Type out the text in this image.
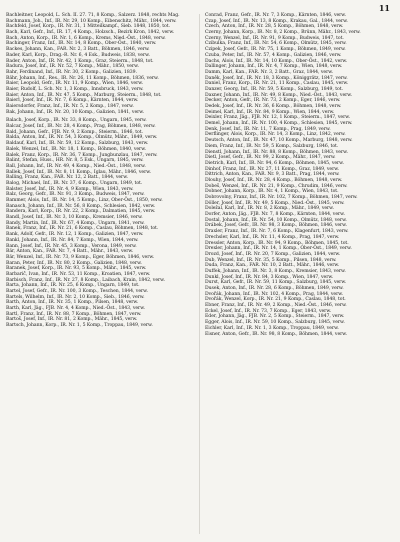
11
Bachleitner, Leopold, L. Sch. II. 27. 71, 8 Komp., Salzerz. 1848, rechts Mag.
Bachmann, Joh., Inf., IR. Nr. 29, 10 Komp., Eibenschitz, Mähr., 1844, verw.
Bachfeld, Josef, Korp., IR. Nr. 31, 1 Mitteilkampf., Sieb. 1848, 1850, tot.
Bach, Karl, Gefr., Inf., IR. 17, 4 Komp., Holzsch., Bezirk Kron, 1842, verw.
Bach, Anton, Korp., IR. Nr. 1, 6 Komp., Krems, Nied.-Öst., 1848, verw.
Bachinger, Franz, Inf., IR. Nr. 14, 8 Komp., Ober-Öst., 1840, verw.
Backes, Johann, Kan., FAR. Nr. 2, 3 Batt., Böhmen, 1846, verw.
Bader, Karl, Korp., Drag.-R. Nr. 6, 4 Esk., Budweis, 1838, verw.
Bader, Anton, Inf., IR. Nr. 42, 1 Komp., Graz, Steierm., 1848, tot.
Badura, Josef, Inf., IR. Nr. 52, 7 Komp., Mähr., 1850, verw.
Bahr, Ferdinand, Inf., IR. Nr. 30, 2 Komp., Galizien, 1839.
Bähr, Johann, Inf., Res., IR. Nr. 26, 11 Komp., Böhmen, 1836, verw.
Baier, Leopold, Gefr., IR. Nr. 11, 9 Komp., Wien, 1846, verw.
Baier, Rudolf, L. Sch. Nr. 1, 3 Komp., Innsbruck, 1843, verw.
Baier, Anton, Inf., IR. Nr. 47, 5 Komp., Marburg, Steierm., 1848, tot.
Baierl, Josef, Inf., IR. Nr. 7, 6 Komp., Kärnten, 1844, verw.
Baiersdorfer, Franz, Inf., IR. Nr. 5, 2 Komp., 1847, verw.
Bak, Johann, Inf., IR. Nr. 20, 10 Komp., Galizien, 1841, verw.
Balach, Josef, Korp., IR. Nr. 33, 8 Komp., Ungarn, 1845, verw.
Balcar, Josef, Inf., IR. Nr. 28, 4 Komp., Prag, Böhmen, 1848, verw.
Bald, Johann, Gefr., FJB. Nr. 9, 2 Komp., Steierm., 1846, tot.
Balda, Anton, Inf., IR. Nr. 54, 3 Komp., Olmütz, Mähr., 1849, verw.
Baldauf, Karl, Inf., IR. Nr. 59, 12 Komp., Salzburg, 1843, verw.
Balek, Wenzel, Inf., IR. Nr. 18, 1 Komp., Böhmen, 1840, verw.
Balek, Franz, Korp., IR. Nr. 36, 7 Komp., Jungbunzlau, 1847, verw.
Balint, Stefan, Huss., HR. Nr. 8, 5 Esk., Ungarn, 1845, verw.
Ball, Johann, Inf., IR. Nr. 49, 4 Komp., Nied.-Öst., 1848, verw.
Ballek, Josef, Inf., IR. Nr. 8, 11 Komp., Iglau, Mähr., 1846, verw.
Balling, Franz, Kan., FAR. Nr. 12, 2 Batt., 1844, verw.
Balog, Michael, Inf., IR. Nr. 37, 6 Komp., Ungarn, 1849, tot.
Balster, Josef, Inf., IR. Nr. 4, 9 Komp., Wien, 1843, verw.
Balz, Georg, Gefr., IR. Nr. 91, 3 Komp., Budweis, 1847, verw.
Bammer, Alois, Inf., IR. Nr. 14, 5 Komp., Linz, Ober-Öst., 1850, verw.
Banasch, Johann, Inf., IR. Nr. 56, 8 Komp., Schlesien, 1842, verw.
Bandera, Karl, Korp., IR. Nr. 22, 2 Komp., Dalmatien, 1845, verw.
Bandl, Josef, Inf., IR. Nr. 3, 10 Komp., Kremsier, 1846, verw.
Bandy, Martin, Inf., IR. Nr. 67, 4 Komp., Ungarn, 1841, verw.
Banek, Franz, Inf., IR. Nr. 21, 6 Komp., Caslau, Böhmen, 1848, tot.
Bank, Adolf, Gefr., IR. Nr. 12, 1 Komp., Galizien, 1847, verw.
Bankl, Johann, Inf., IR. Nr. 84, 7 Komp., Wien, 1844, verw.
Bann, Josef, Inf., IR. Nr. 45, 3 Komp., Verona, 1849, verw.
Bär, Anton, Kan., FAR. Nr. 7, 4 Batt., Mähr., 1843, verw.
Bär, Wenzel, Inf., IR. Nr. 73, 9 Komp., Eger, Böhmen, 1846, verw.
Baran, Peter, Inf., IR. Nr. 80, 2 Komp., Galizien, 1848, verw.
Baranek, Josef, Korp., IR. Nr. 93, 5 Komp., Mähr., 1845, verw.
Barbarič, Ivan, Inf., IR. Nr. 53, 11 Komp., Kroatien, 1847, verw.
Barbisch, Franz, Inf., IR. Nr. 27, 8 Komp., Laibach, Krain, 1842, verw.
Barta, Johann, Inf., IR. Nr. 25, 6 Komp., Ungarn, 1849, tot.
Bartel, Josef, Gefr., IR. Nr. 100, 3 Komp., Teschen, 1844, verw.
Bartels, Wilhelm, Inf., IR. Nr. 2, 10 Komp., Sieb., 1846, verw.
Barth, Anton, Inf., IR. Nr. 35, 1 Komp., Pilsen, 1848, verw.
Barth, Karl, Jäg., FJB. Nr. 4, 4 Komp., Nied.-Öst., 1843, verw.
Bartl, Franz, Inf., IR. Nr. 88, 7 Komp., Böhmen, 1847, verw.
Bartoš, Josef, Inf., IR. Nr. 81, 2 Komp., Mähr., 1845, verw.
Bartsch, Johann, Korp., IR. Nr. 1, 5 Komp., Troppau, 1849, verw.
Conrad, Franz, Gefr., IR. Nr. 7, 3 Komp., Kärnten, 1846, verw.
Czap, Josef, Inf., IR. Nr. 13, 8 Komp., Krakau, Gal., 1844, verw.
Czech, Anton, Inf., IR. Nr. 28, 5 Komp., Böhmen, 1848, verw.
Czerny, Johann, Korp., IR. Nr. 8, 2 Komp., Brünn, Mähr., 1843, verw.
Czerny, Wenzel, Inf., IR. Nr. 91, 9 Komp., Budweis, 1847, tot.
Czibulka, Franz, Inf., IR. Nr. 54, 6 Komp., Olmütz, 1845, verw.
Czipek, Josef, Gefr., IR. Nr. 75, 1 Komp., Böhmen, 1849, verw.
Czuba, Peter, Inf., IR. Nr. 57, 4 Komp., Galizien, 1846, verw.
Dachs, Alois, Inf., IR. Nr. 14, 10 Komp., Ober-Öst., 1842, verw.
Dallinger, Johann, Inf., IR. Nr. 4, 7 Komp., Wien, 1848, verw.
Damm, Karl, Kan., FAR. Nr. 3, 2 Batt., Graz, 1844, verw.
Daněk, Josef, Inf., IR. Nr. 18, 3 Komp., Königgrätz, 1847, verw.
Daniel, Franz, Korp., IR. Nr. 21, 11 Komp., Caslau, 1845, verw.
Danzer, Georg, Inf., IR. Nr. 59, 5 Komp., Salzburg, 1849, tot.
Daxner, Johann, Inf., IR. Nr. 49, 8 Komp., Nied.-Öst., 1843, verw.
Decker, Anton, Gefr., IR. Nr. 73, 2 Komp., Eger, 1846, verw.
Dedek, Josef, Inf., IR. Nr. 36, 6 Komp., Böhmen, 1848, verw.
Deimel, Karl, Inf., IR. Nr. 84, 9 Komp., Wien, 1844, verw.
Deixler, Franz, Jäg., FJB. Nr. 12, 1 Komp., Steierm., 1847, verw.
Demel, Johann, Inf., IR. Nr. 100, 4 Komp., Schlesien, 1845, verw.
Denk, Josef, Inf., IR. Nr. 11, 7 Komp., Prag, 1849, verw.
Derflinger, Alois, Korp., IR. Nr. 14, 3 Komp., Linz, 1842, verw.
Deutsch, Anton, Inf., IR. Nr. 47, 10 Komp., Marburg, 1848, verw.
Diem, Franz, Inf., IR. Nr. 59, 5 Komp., Salzburg, 1846, tot.
Dienstl, Johann, Inf., IR. Nr. 88, 8 Komp., Böhmen, 1843, verw.
Dietl, Josef, Gefr., IR. Nr. 99, 2 Komp., Mähr., 1847, verw.
Dietrich, Karl, Inf., IR. Nr. 94, 6 Komp., Böhmen, 1845, verw.
Dinhof, Franz, Inf., IR. Nr. 27, 11 Komp., Graz, 1849, verw.
Dittrich, Anton, Kan., FAR. Nr. 9, 3 Batt., Prag, 1844, verw.
Dlouhy, Josef, Inf., IR. Nr. 28, 4 Komp., Böhmen, 1848, verw.
Dobeš, Wenzel, Inf., IR. Nr. 21, 9 Komp., Chrudim, 1846, verw.
Dobner, Johann, Korp., IR. Nr. 4, 1 Komp., Wien, 1843, tot.
Dobrovolny, Franz, Inf., IR. Nr. 102, 7 Komp., Böhmen, 1847, verw.
Döller, Josef, Inf., IR. Nr. 49, 5 Komp., Nied.-Öst., 1845, verw.
Doležal, Karl, Inf., IR. Nr. 8, 2 Komp., Mähr., 1849, verw.
Dorfer, Anton, Jäg., FJB. Nr. 7, 8 Komp., Kärnten, 1844, verw.
Dostal, Johann, Inf., IR. Nr. 54, 10 Komp., Olmütz, 1848, verw.
Drábek, Josef, Gefr., IR. Nr. 98, 3 Komp., Böhmen, 1846, verw.
Draxler, Franz, Inf., IR. Nr. 7, 6 Komp., Klagenfurt, 1843, verw.
Drechsler, Karl, Inf., IR. Nr. 11, 4 Komp., Prag, 1847, verw.
Dressler, Anton, Korp., IR. Nr. 94, 9 Komp., Böhmen, 1845, tot.
Drexler, Johann, Inf., IR. Nr. 14, 1 Komp., Ober-Öst., 1849, verw.
Drozd, Josef, Inf., IR. Nr. 20, 7 Komp., Galizien, 1844, verw.
Dub, Wenzel, Inf., IR. Nr. 35, 5 Komp., Pilsen, 1848, verw.
Duda, Franz, Kan., FAR. Nr. 10, 2 Batt., Mähr., 1846, verw.
Duffek, Johann, Inf., IR. Nr. 3, 8 Komp., Kremsier, 1843, verw.
Dunkl, Josef, Inf., IR. Nr. 84, 3 Komp., Wien, 1847, verw.
Durst, Karl, Gefr., IR. Nr. 59, 11 Komp., Salzburg, 1845, verw.
Dusek, Anton, Inf., IR. Nr. 28, 6 Komp., Böhmen, 1849, verw.
Dvořák, Johann, Inf., IR. Nr. 102, 4 Komp., Prag, 1844, verw.
Dvořák, Wenzel, Korp., IR. Nr. 21, 9 Komp., Caslau, 1848, tot.
Ebner, Franz, Inf., IR. Nr. 49, 2 Komp., Nied.-Öst., 1846, verw.
Eckel, Josef, Inf., IR. Nr. 73, 7 Komp., Eger, 1843, verw.
Eder, Johann, Jäg., FJB. Nr. 2, 5 Komp., Steierm., 1847, verw.
Egger, Alois, Inf., IR. Nr. 59, 10 Komp., Salzburg, 1845, verw.
Eichler, Karl, Inf., IR. Nr. 1, 3 Komp., Troppau, 1849, verw.
Eisner, Anton, Gefr., IR. Nr. 98, 8 Komp., Böhmen, 1844, verw.
